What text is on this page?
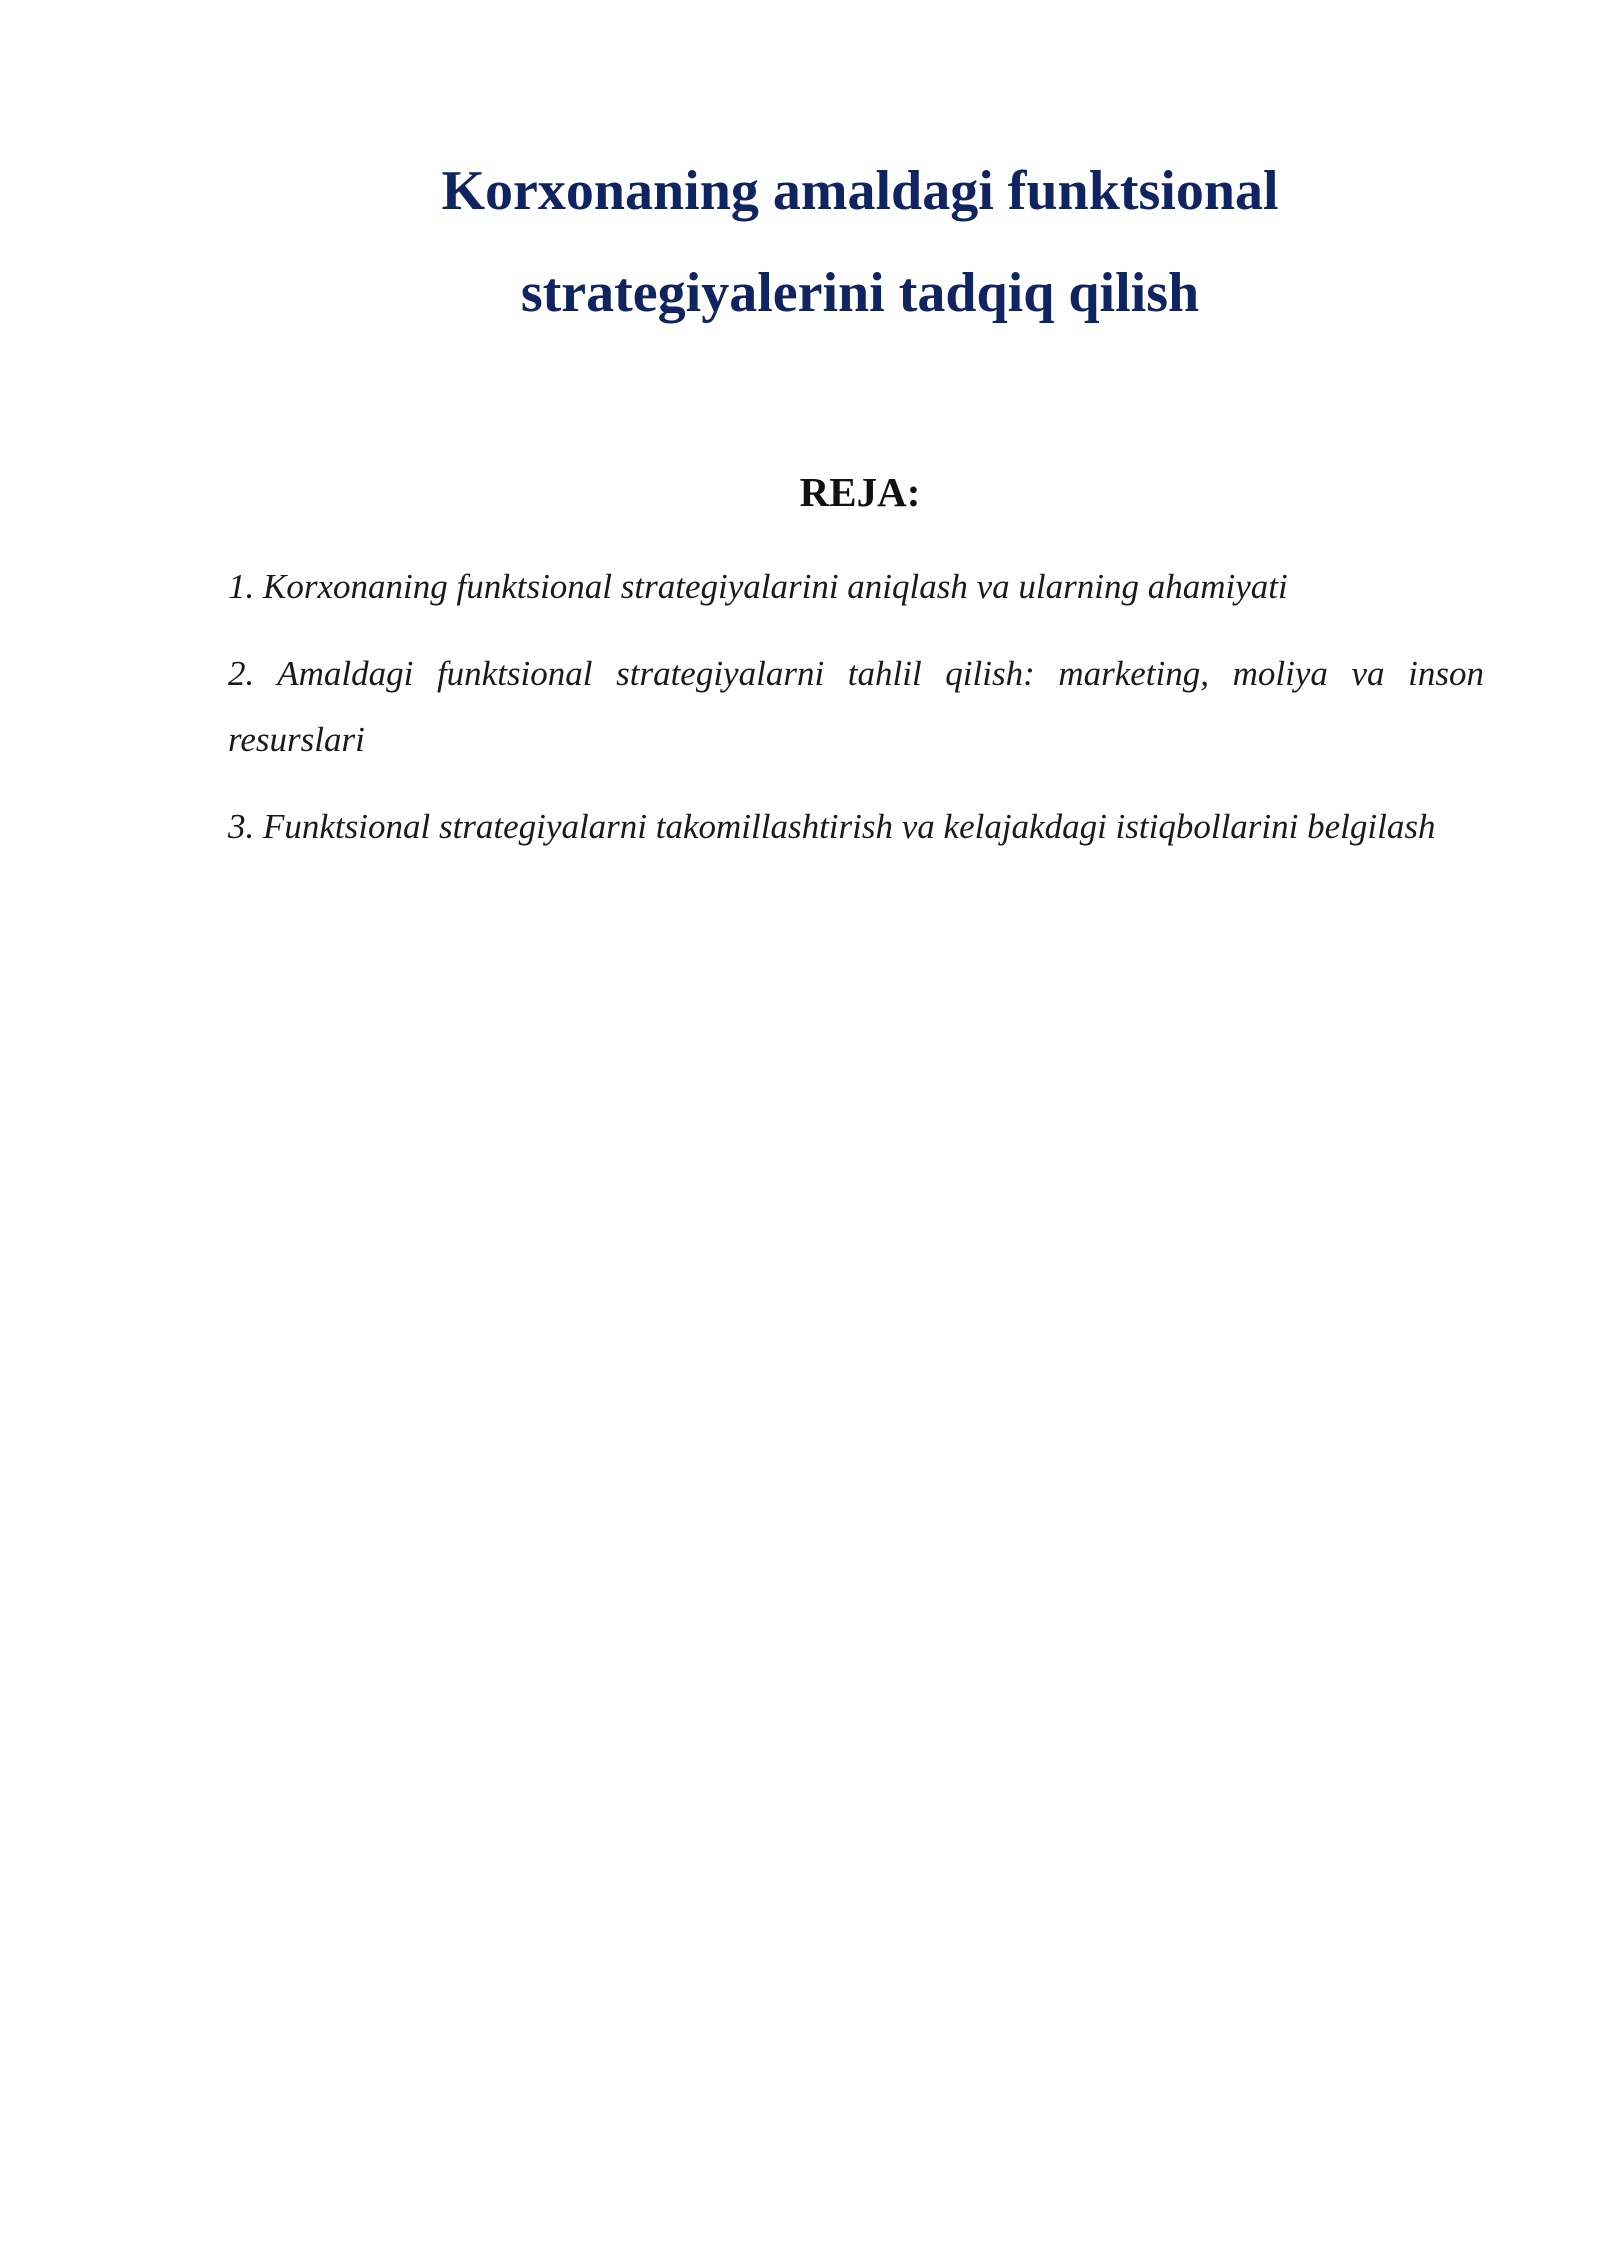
Korxonaning amaldagi funktsional
strategiyalerini tadqiq qilish
REJA:
1. Korxonaning funktsional strategiyalarini aniqlash va ularning ahamiyati
2. Amaldagi funktsional strategiyalarni tahlil qilish: marketing, moliya va inson resurslari
3. Funktsional strategiyalarni takomillashtirish va kelajakdagi istiqbollarini belgilash
